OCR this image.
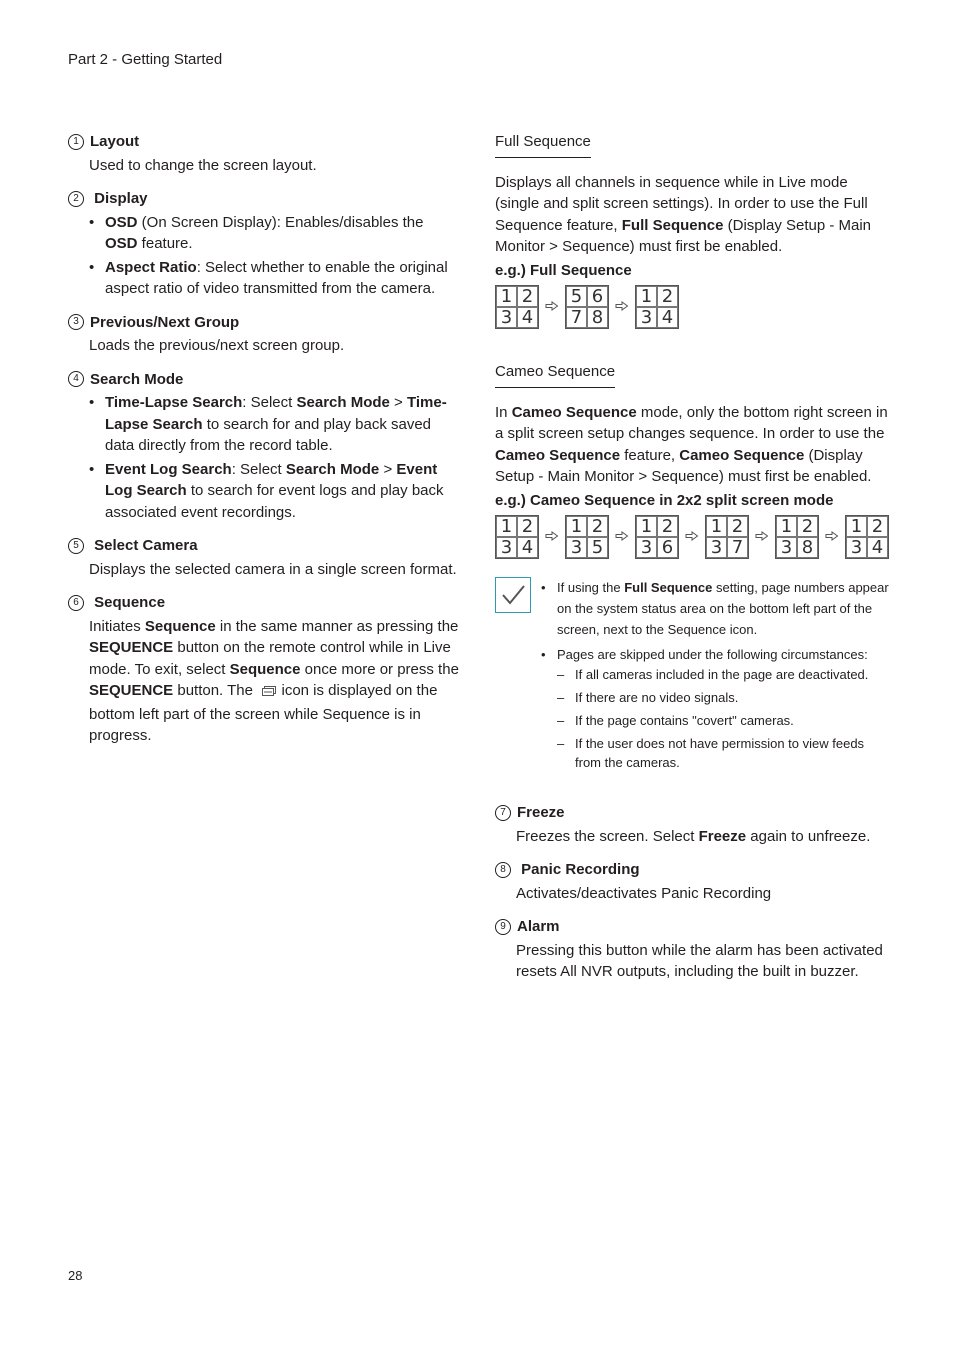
Part 2 - Getting Started
1 Layout
Used to change the screen layout.
2
	Display
• OSD (On Screen Display): Enables/disables the OSD feature.
• Aspect Ratio: Select whether to enable the original aspect ratio of video transmitted from the camera.
3 Previous/Next Group
Loads the previous/next screen group.
4 Search Mode
• Time-Lapse Search: Select Search Mode > Time-Lapse Search to search for and play back saved data directly from the record table.
• Event Log Search: Select Search Mode > Event Log Search to search for event logs and play back associated event recordings.
5
	Select Camera
Displays the selected camera in a single screen format.
6
	Sequence
Initiates Sequence in the same manner as pressing the SEQUENCE button on the remote control while in Live mode. To exit, select Sequence once more or press the SEQUENCE button. The   icon is displayed on the bottom left part of the screen while Sequence is in progress.
Full Sequence
Displays all channels in sequence while in Live mode (single and split screen settings). In order to use the Full Sequence feature, Full Sequence (Display Setup - Main Monitor > Sequence) must first be enabled.
e.g.) Full Sequence
1 2
3 4
5 6
7 8
1 2
3 4
Cameo Sequence
In Cameo Sequence mode, only the bottom right screen in a split screen setup changes sequence. In order to use the Cameo Sequence feature, Cameo Sequence (Display Setup - Main Monitor > Sequence) must first be enabled.
e.g.) Cameo Sequence in 2x2 split screen mode
1 2
3 4
1 2
3 5
1 2
3 6
1 2
3 7
1 2
3 8
1 2
3 4
• If using the Full Sequence setting, page numbers appear on the system status area on the bottom left part of the screen, next to the Sequence icon.
• Pages are skipped under the following circumstances:
– If all cameras included in the page are deactivated.
– If there are no video signals.
– If the page contains "covert" cameras.
– If the user does not have permission to view feeds from the cameras.
7 Freeze
Freezes the screen. Select Freeze again to unfreeze.
8
	Panic Recording
Activates/deactivates Panic Recording
9 Alarm
Pressing this button while the alarm has been activated resets All NVR outputs, including the built in buzzer.
28
